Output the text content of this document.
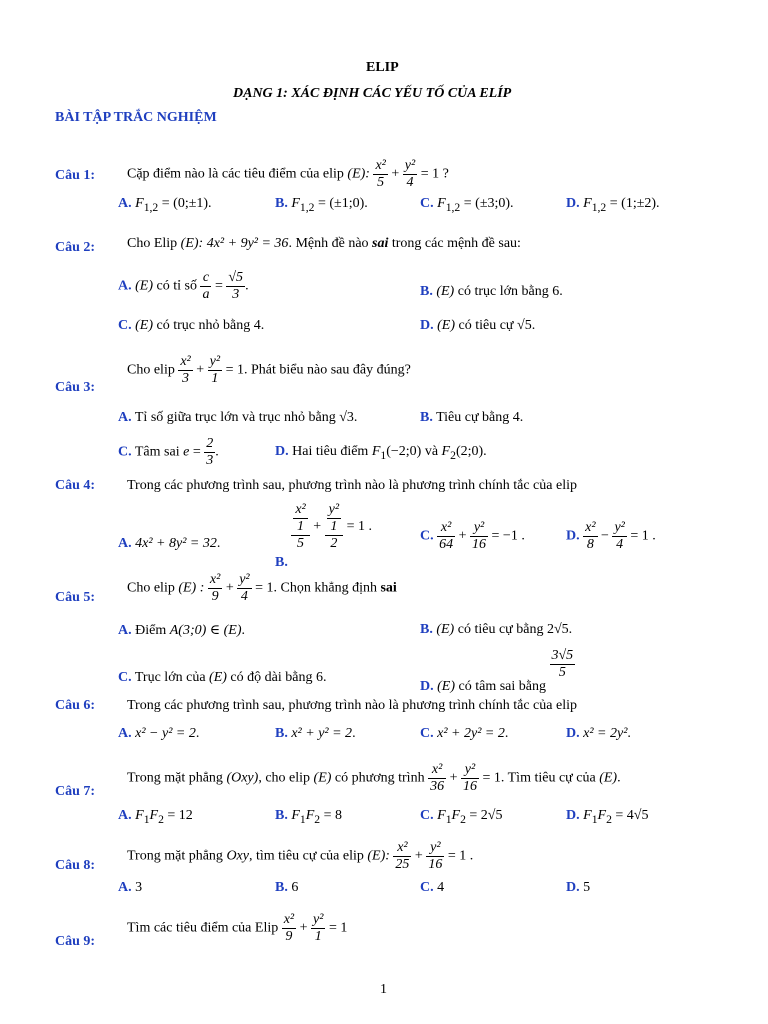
ELIP
DẠNG 1: XÁC ĐỊNH CÁC YẾU TỐ CỦA ELÍP
BÀI TẬP TRẮC NGHIỆM
Câu 1: Cặp điểm nào là các tiêu điểm của elip (E): $\frac{\text{x²}}{5} + \frac{\text{y²}}{4} = 1$ ?
A. $F_{1,2}$ = (0;±1).	B. $F_{1,2}$ = (±1;0).	C. $F_{1,2}$ = (±3;0).	D. $F_{1,2}$ = (1;±2).
Câu 2: Cho Elip (E): 4x² + 9y² = 36. Mệnh đề nào sai trong các mệnh đề sau:
A. (E) có tỉ số $\frac{c}{a} = \frac{√5}{3}$ .	B. (E) có trục lớn bằng 6.
C. (E) có trục nhỏ bằng 4.	D. (E) có tiêu cự √5.
Câu 3:
Cho elip $\frac{\text{x²}}{3} + \frac{\text{y²}}{1} = 1$. Phát biểu nào sau đây đúng?
A. Tỉ số giữa trục lớn và trục nhỏ bằng √3.	B. Tiêu cự bằng 4.
C. Tâm sai $e = \frac{2}{3}$ .	D. Hai tiêu điểm $F_1(-2;0)$ và $F_2(2;0)$.
Câu 4: Trong các phương trình sau, phương trình nào là phương trình chính tắc của elip
A. 4x² + 8y² = 32.
B.
$\frac{\frac{\text{x²}}{1}}{5} + \frac{\frac{\text{y²}}{1}}{2} = 1$ .
C. $\frac{\text{x²}}{64} + \frac{\text{y²}}{16} = -1$ .	D. $\frac{\text{x²}}{8} - \frac{\text{y²}}{4} = 1$ .
Câu 5:
Cho elip (E) : $\frac{\text{x²}}{9} + \frac{\text{y²}}{4} = 1$. Chọn khẳng định sai
A. Điểm A(3;0) ∈ (E).	B. (E) có tiêu cự bằng 2√5.
C. Trục lớn của (E) có độ dài bằng 6.
D. (E) có tâm sai bằng
$\frac{3√5}{5}$
Câu 6: Trong các phương trình sau, phương trình nào là phương trình chính tắc của elip
A. x² − y² = 2.	B. x² + y² = 2.	C. x² + 2y² = 2.	D. x² = 2y².
Câu 7:
Trong mặt phẳng (Oxy), cho elip (E) có phương trình $\frac{\text{x²}}{36} + \frac{\text{y²}}{16} = 1$. Tìm tiêu cự của (E).
A. $F_1F_2 = 12$	B. $F_1F_2 = 8$	C. $F_1F_2 = 2√5$	D. $F_1F_2 = 4√5$
Câu 8:
Trong mặt phẳng Oxy, tìm tiêu cự của elip (E): $\frac{\text{x²}}{25} + \frac{\text{y²}}{16} = 1$ .
A. 3	B. 6	C. 4	D. 5
Câu 9:
Tìm các tiêu điểm của Elip $\frac{\text{x²}}{9} + \frac{\text{y²}}{1} = 1$
1
